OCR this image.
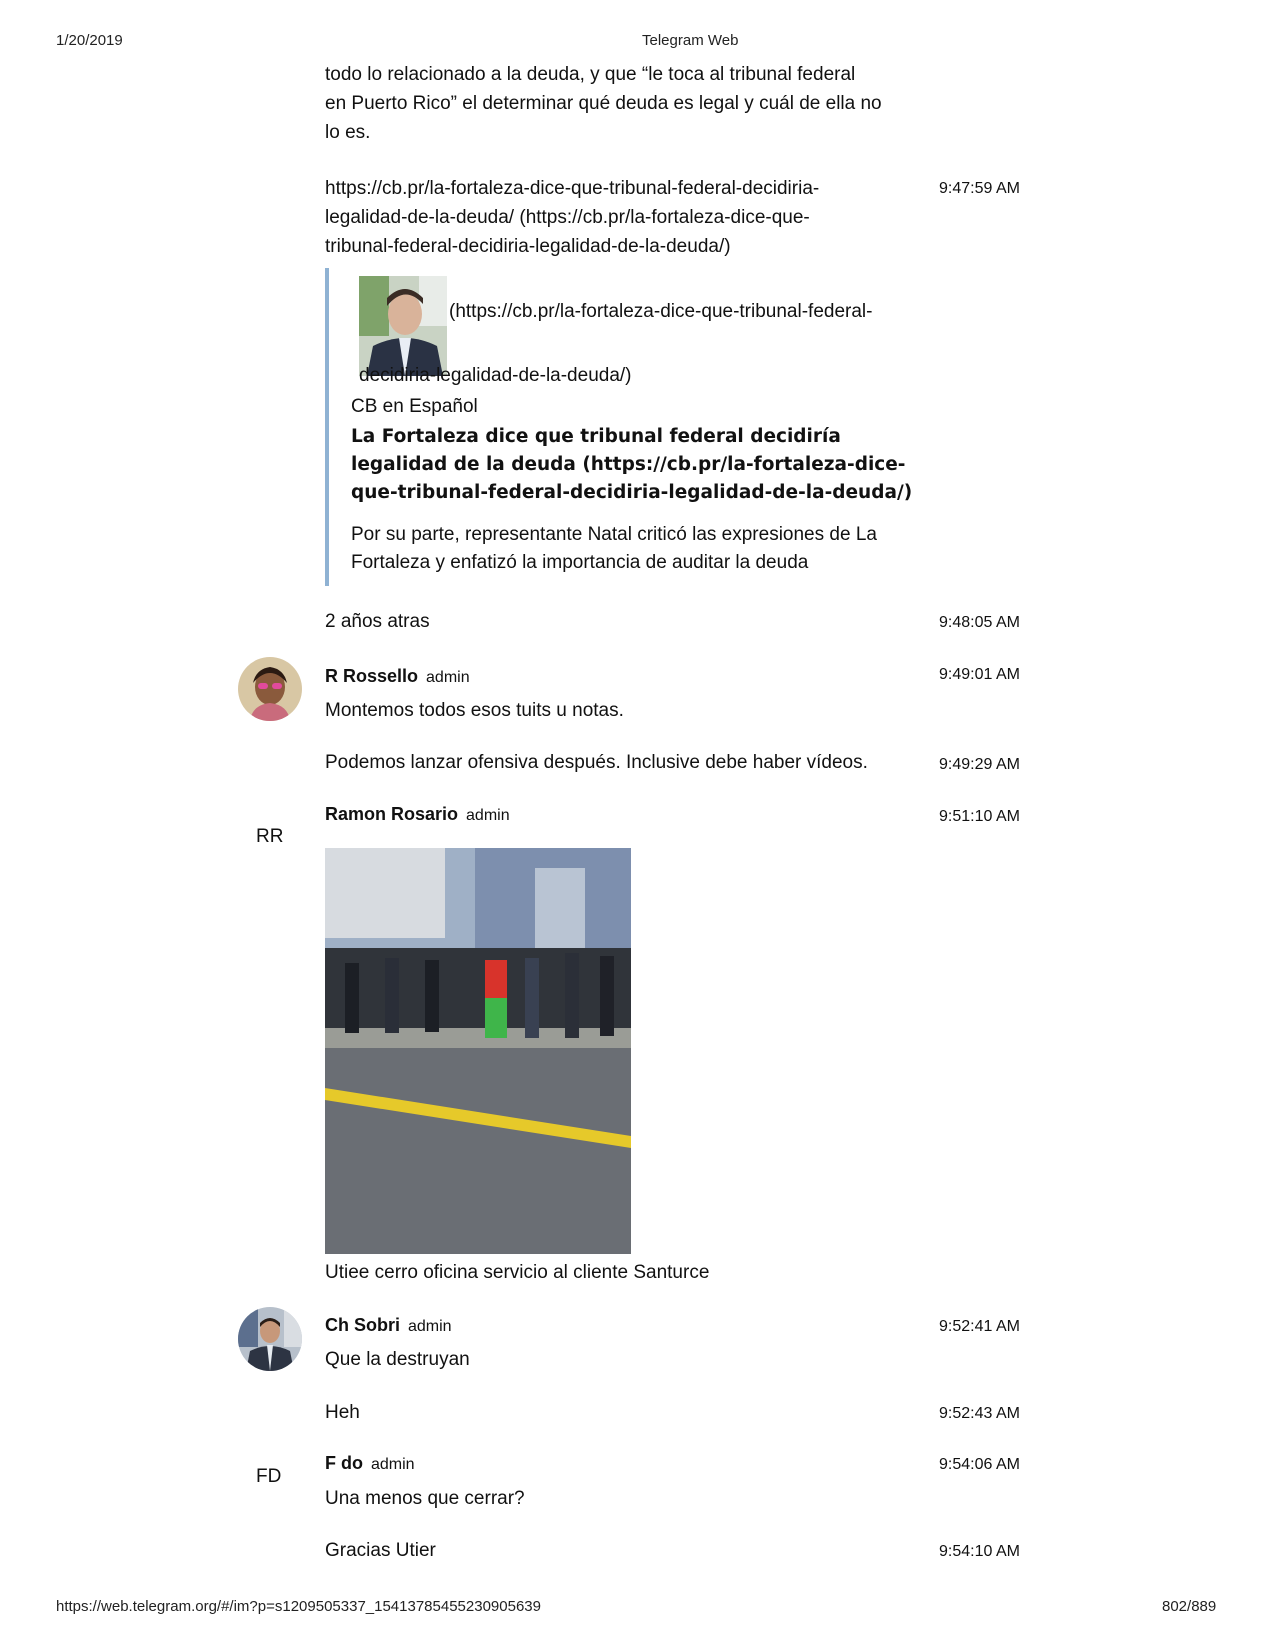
1/20/2019	Telegram Web
todo lo relacionado a la deuda, y que “le toca al tribunal federal
en Puerto Rico” el determinar qué deuda es legal y cuál de ella no
lo es.
https://cb.pr/la-fortaleza-dice-que-tribunal-federal-decidiria-
legalidad-de-la-deuda/ (https://cb.pr/la-fortaleza-dice-que-
tribunal-federal-decidiria-legalidad-de-la-deuda/)
9:47:59 AM
(https://cb.pr/la-fortaleza-dice-que-tribunal-federal-
decidiria-legalidad-de-la-deuda/)
CB en Español
La Fortaleza dice que tribunal federal decidiría
legalidad de la deuda (https://cb.pr/la-fortaleza-dice-
que-tribunal-federal-decidiria-legalidad-de-la-deuda/)
Por su parte, representante Natal criticó las expresiones de La
Fortaleza y enfatizó la importancia de auditar la deuda
2 años atras	9:48:05 AM
R Rossello admin	9:49:01 AM
Montemos todos esos tuits u notas.
Podemos lanzar ofensiva después. Inclusive debe haber vídeos.	9:49:29 AM
RR
Ramon Rosario admin	9:51:10 AM
Utiee cerro oficina servicio al cliente Santurce
Ch Sobri admin	9:52:41 AM
Que la destruyan
Heh	9:52:43 AM
FD
F do admin	9:54:06 AM
Una menos que cerrar?
Gracias Utier	9:54:10 AM
https://web.telegram.org/#/im?p=s1209505337_15413785455230905639	802/889
